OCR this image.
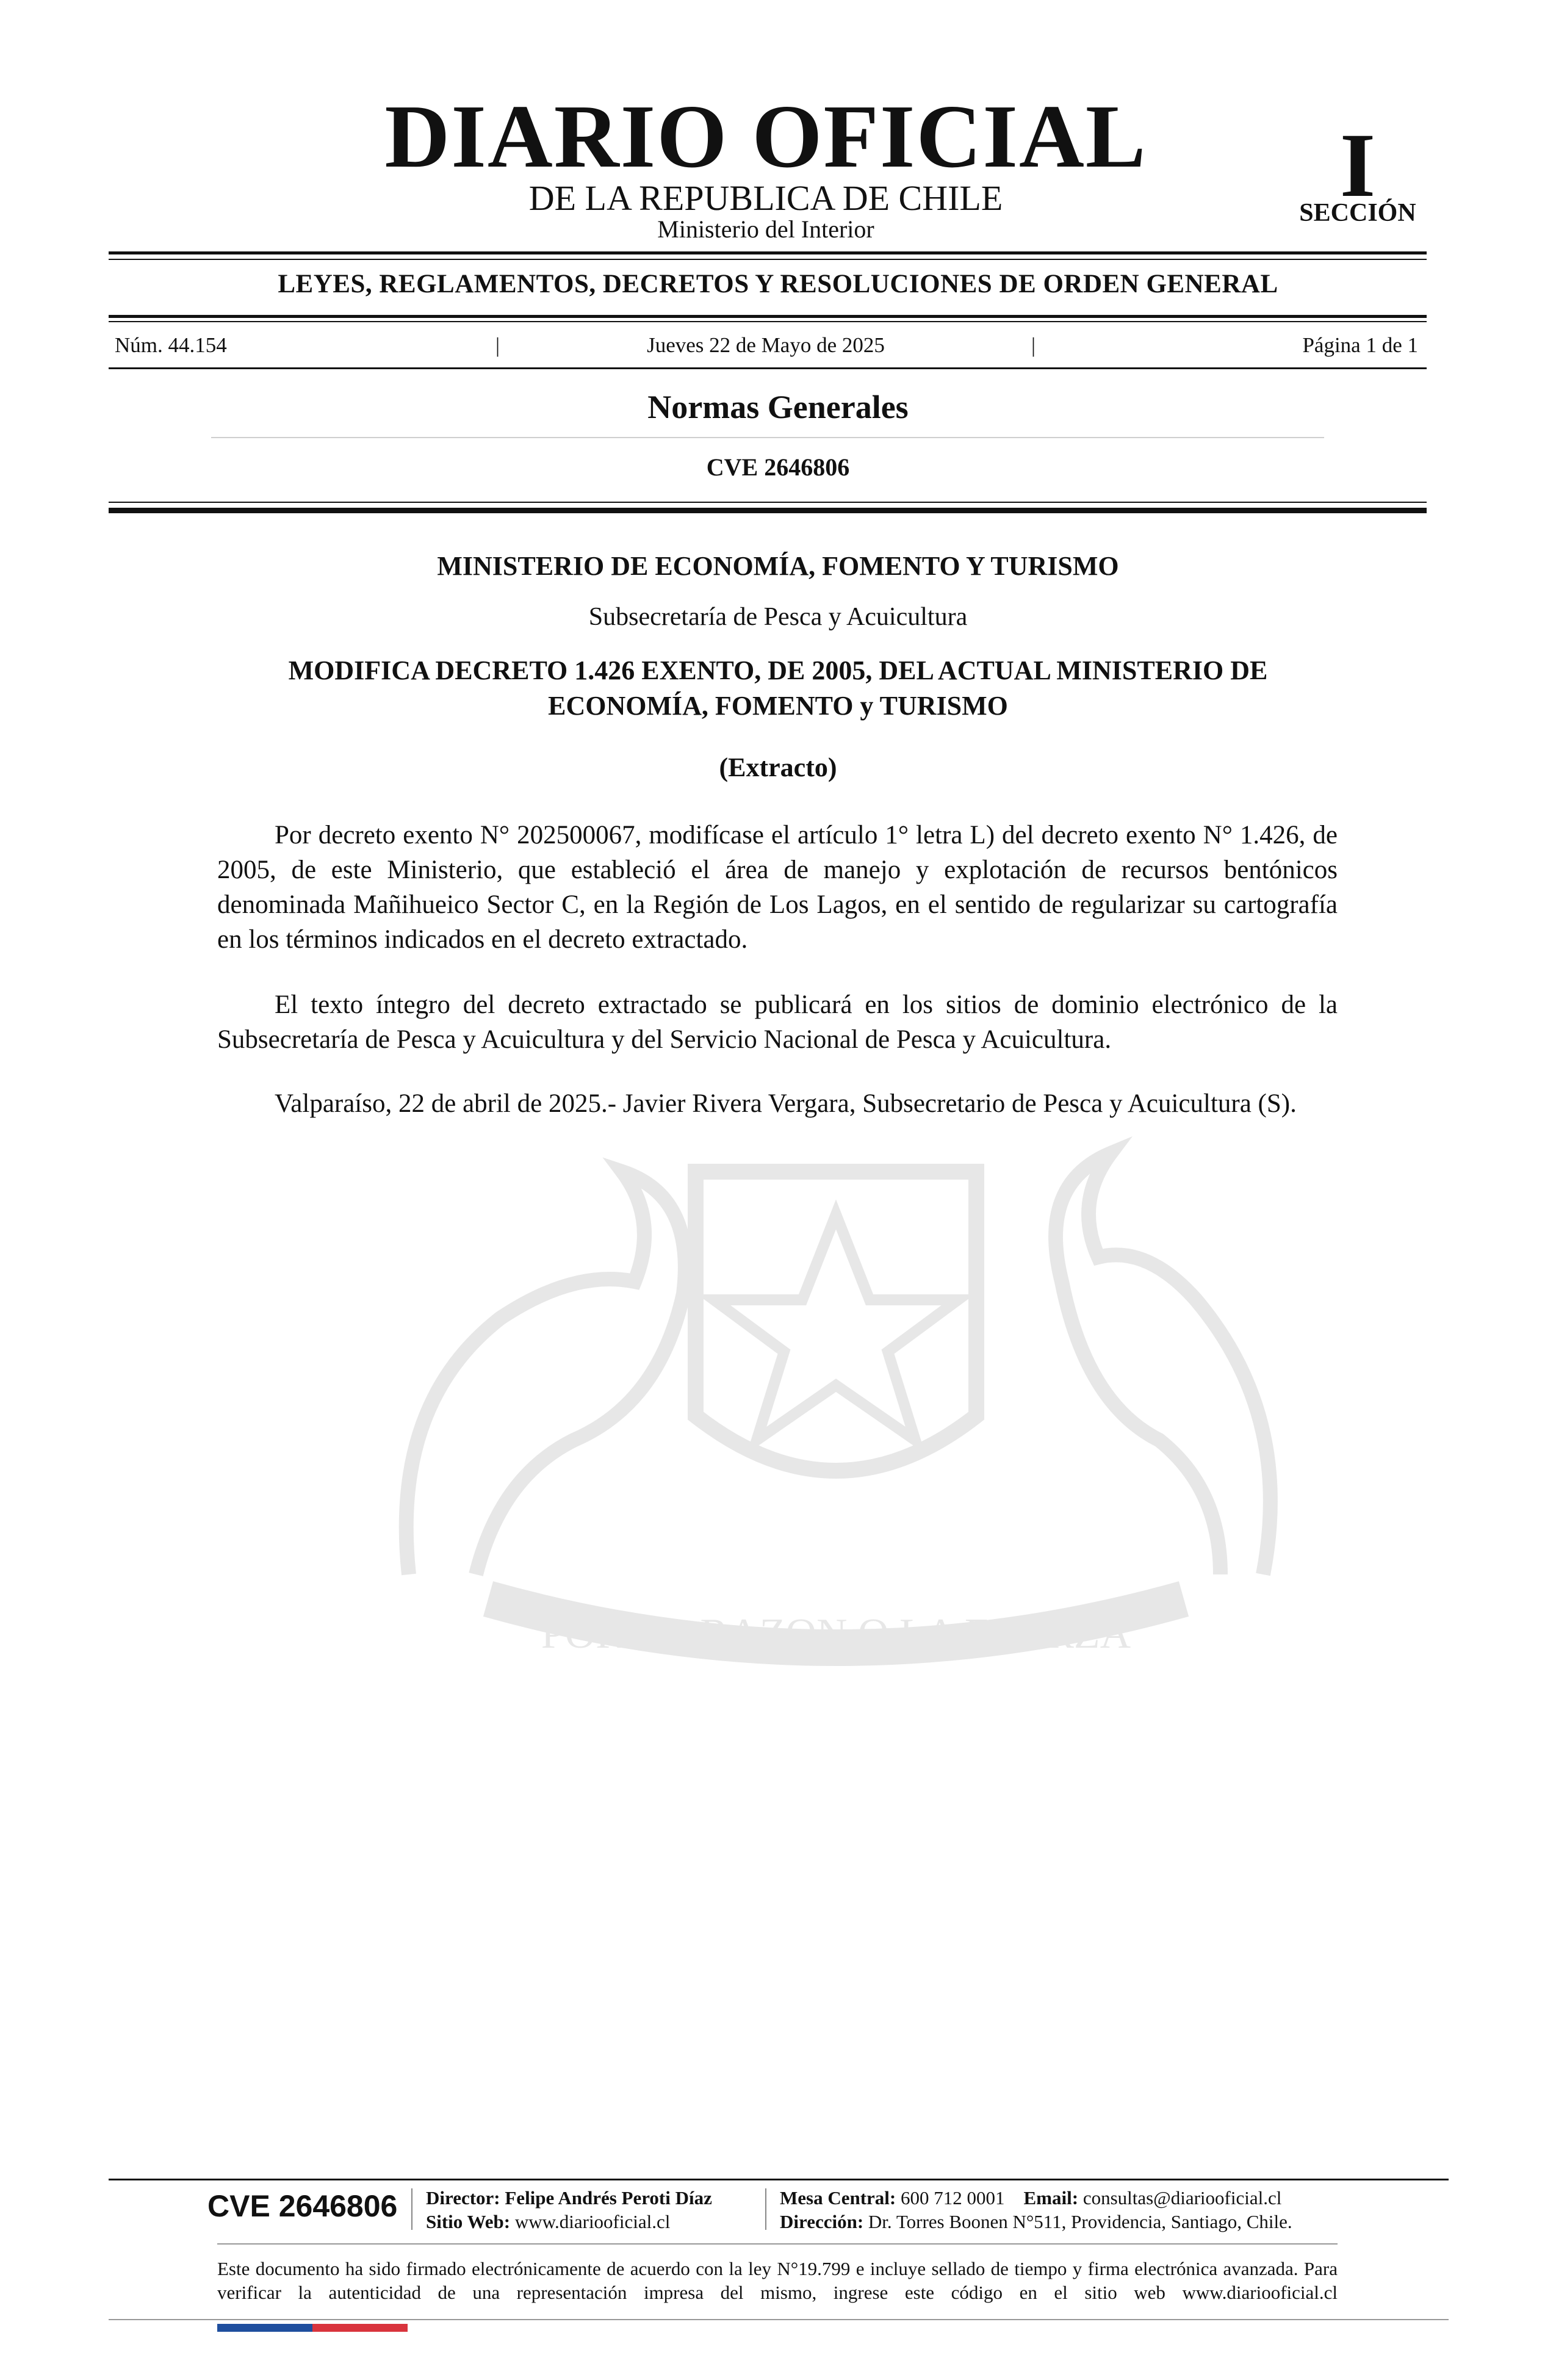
POR LA RAZON O LA FUERZA
DIARIO OFICIAL
DE LA REPUBLICA DE CHILE
Ministerio del Interior
I
SECCIÓN
LEYES, REGLAMENTOS, DECRETOS Y RESOLUCIONES DE ORDEN GENERAL
Núm. 44.154	|	Jueves 22 de Mayo de 2025	|	Página 1 de 1
Normas Generales
CVE 2646806
MINISTERIO DE ECONOMÍA, FOMENTO Y TURISMO
Subsecretaría de Pesca y Acuicultura
MODIFICA DECRETO 1.426 EXENTO, DE 2005, DEL ACTUAL MINISTERIO DE ECONOMÍA, FOMENTO y TURISMO
(Extracto)
Por decreto exento N° 202500067, modifícase el artículo 1° letra L) del decreto exento N° 1.426, de 2005, de este Ministerio, que estableció el área de manejo y explotación de recursos bentónicos denominada Mañihueico Sector C, en la Región de Los Lagos, en el sentido de regularizar su cartografía en los términos indicados en el decreto extractado.
El texto íntegro del decreto extractado se publicará en los sitios de dominio electrónico de la Subsecretaría de Pesca y Acuicultura y del Servicio Nacional de Pesca y Acuicultura.
Valparaíso, 22 de abril de 2025.- Javier Rivera Vergara, Subsecretario de Pesca y Acuicultura (S).
CVE 2646806 Director: Felipe Andrés Peroti Díaz
Sitio Web: www.diariooficial.cl
Mesa Central: 600 712 0001 Email: consultas@diariooficial.cl
Dirección: Dr. Torres Boonen N°511, Providencia, Santiago, Chile.
Este documento ha sido firmado electrónicamente de acuerdo con la ley N°19.799 e incluye sellado de tiempo y firma electrónica avanzada. Para verificar la autenticidad de una representación impresa del mismo, ingrese este código en el sitio web www.diariooficial.cl
